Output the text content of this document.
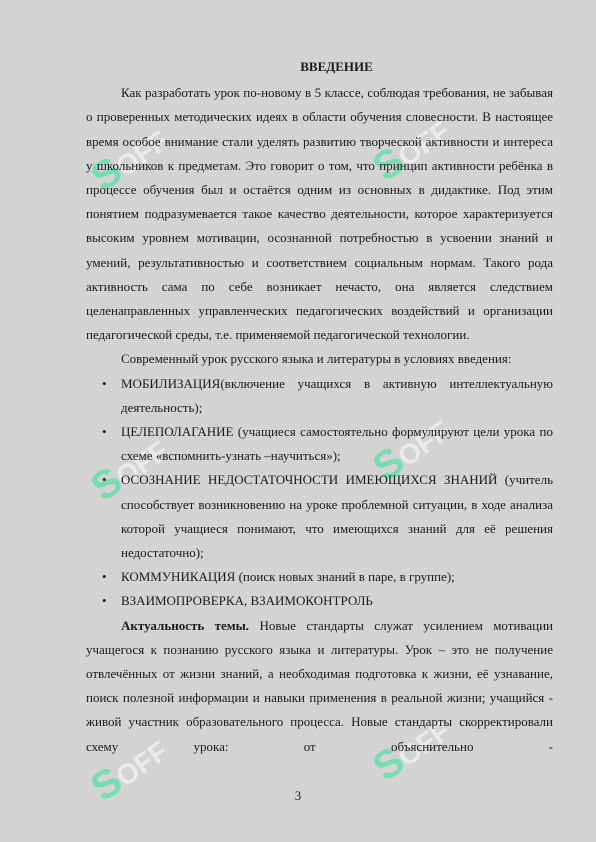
S
OFF	S
OFF
S
OFF	S
OFF
S
OFF	S
OFF
ВВЕДЕНИЕ

Как разработать урок по-новому в 5 классе, соблюдая требования, не забывая о проверенных методических идеях в области обучения словесности. В настоящее время особое внимание стали уделять развитию творческой активности и интереса у школьников к предметам. Это говорит о том, что принцип активности ребёнка в процессе обучения был и остаётся одним из основных в дидактике. Под этим понятием подразумевается такое качество деятельности, которое характеризуется высоким уровнем мотивации, осознанной потребностью в усвоении знаний и умений, результативностью и соответствием социальным нормам. Такого рода активность сама по себе возникает нечасто, она является следствием целенаправленных управленческих педагогических воздействий и организации педагогической среды, т.е. применяемой педагогической технологии.

Современный урок русского языка и литературы в условиях введения:

• МОБИЛИЗАЦИЯ(включение учащихся в активную интеллектуальную деятельность);
• ЦЕЛЕПОЛАГАНИЕ (учащиеся самостоятельно формулируют цели урока по схеме «вспомнить-узнать –научиться»);
• ОСОЗНАНИЕ НЕДОСТАТОЧНОСТИ ИМЕЮЩИХСЯ ЗНАНИЙ (учитель способствует возникновению на уроке проблемной ситуации, в ходе анализа которой учащиеся понимают, что имеющихся знаний для её решения недостаточно);
• КОММУНИКАЦИЯ (поиск новых знаний в паре, в группе);
• ВЗАИМОПРОВЕРКА, ВЗАИМОКОНТРОЛЬ

Актуальность темы. Новые стандарты служат усилением мотивации учащегося к познанию русского языка и литературы. Урок – это не получение отвлечённых от жизни знаний, а необходимая подготовка к жизни, её узнавание, поиск полезной информации и навыки применения в реальной жизни; учащийся - живой участник образовательного процесса. Новые стандарты скорректировали схему урока: от объяснительно -

3
